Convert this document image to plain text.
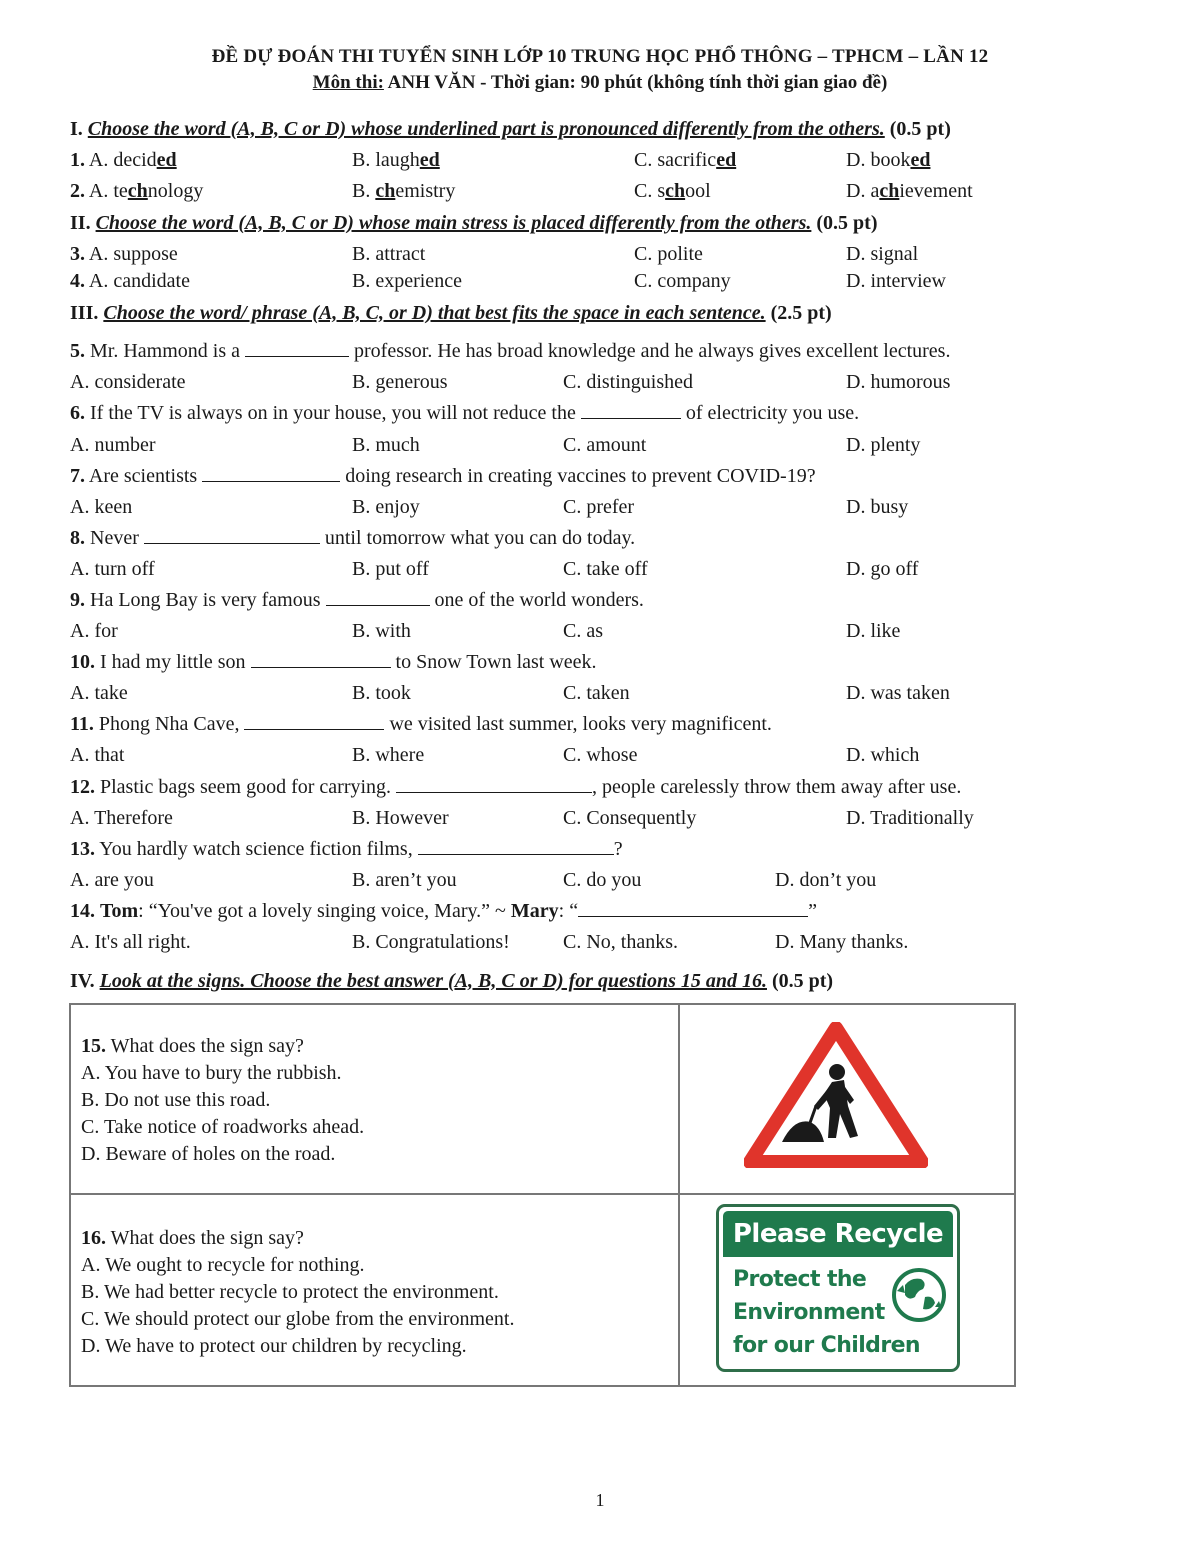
ĐỀ DỰ ĐOÁN THI TUYỂN SINH LỚP 10 TRUNG HỌC PHỔ THÔNG – TPHCM – LẦN 12
Môn thi: ANH VĂN - Thời gian: 90 phút (không tính thời gian giao đề)
I. Choose the word (A, B, C or D) whose underlined part is pronounced differently from the others. (0.5 pt)
1. A. decided	B. laughed	C. sacrificed	D. booked
2. A. technology	B. chemistry	C. school	D. achievement
II. Choose the word (A, B, C or D) whose main stress is placed differently from the others. (0.5 pt)
3. A. suppose	B. attract	C. polite	D. signal
4. A. candidate	B. experience	C. company	D. interview
III. Choose the word/ phrase (A, B, C, or D) that best fits the space in each sentence. (2.5 pt)
5. Mr. Hammond is a	professor. He has broad knowledge and he always gives excellent lectures.
A. considerate	B. generous	C. distinguished	D. humorous
6. If the TV is always on in your house, you will not reduce the	of electricity you use.
A. number	B. much	C. amount	D. plenty
7. Are scientists	doing research in creating vaccines to prevent COVID-19?
A. keen	B. enjoy	C. prefer	D. busy
8. Never	until tomorrow what you can do today.
A. turn off	B. put off	C. take off	D. go off
9. Ha Long Bay is very famous	one of the world wonders.
A. for	B. with	C. as	D. like
10. I had my little son	to Snow Town last week.
A. take	B. took	C. taken	D. was taken
11. Phong Nha Cave,	we visited last summer, looks very magnificent.
A. that	B. where	C. whose	D. which
12. Plastic bags seem good for carrying.	, people carelessly throw them away after use.
A. Therefore	B. However	C. Consequently	D. Traditionally
13. You hardly watch science fiction films,	?
A. are you	B. aren’t you	C. do you	D. don’t you
14. Tom: “You've got a lovely singing voice, Mary.” ~ Mary: “	”
A. It's all right.	B. Congratulations!	C. No, thanks.	D. Many thanks.
IV. Look at the signs. Choose the best answer (A, B, C or D) for questions 15 and 16. (0.5 pt)
15. What does the sign say?
A. You have to bury the rubbish.
B. Do not use this road.
C. Take notice of roadworks ahead.
D. Beware of holes on the road.	

16. What does the sign say?
A. We ought to recycle for nothing.
B. We had better recycle to protect the environment.
C. We should protect our globe from the environment.
D. We have to protect our children by recycling.	

Please Recycle
Protect the
Environment
for our Children
1
